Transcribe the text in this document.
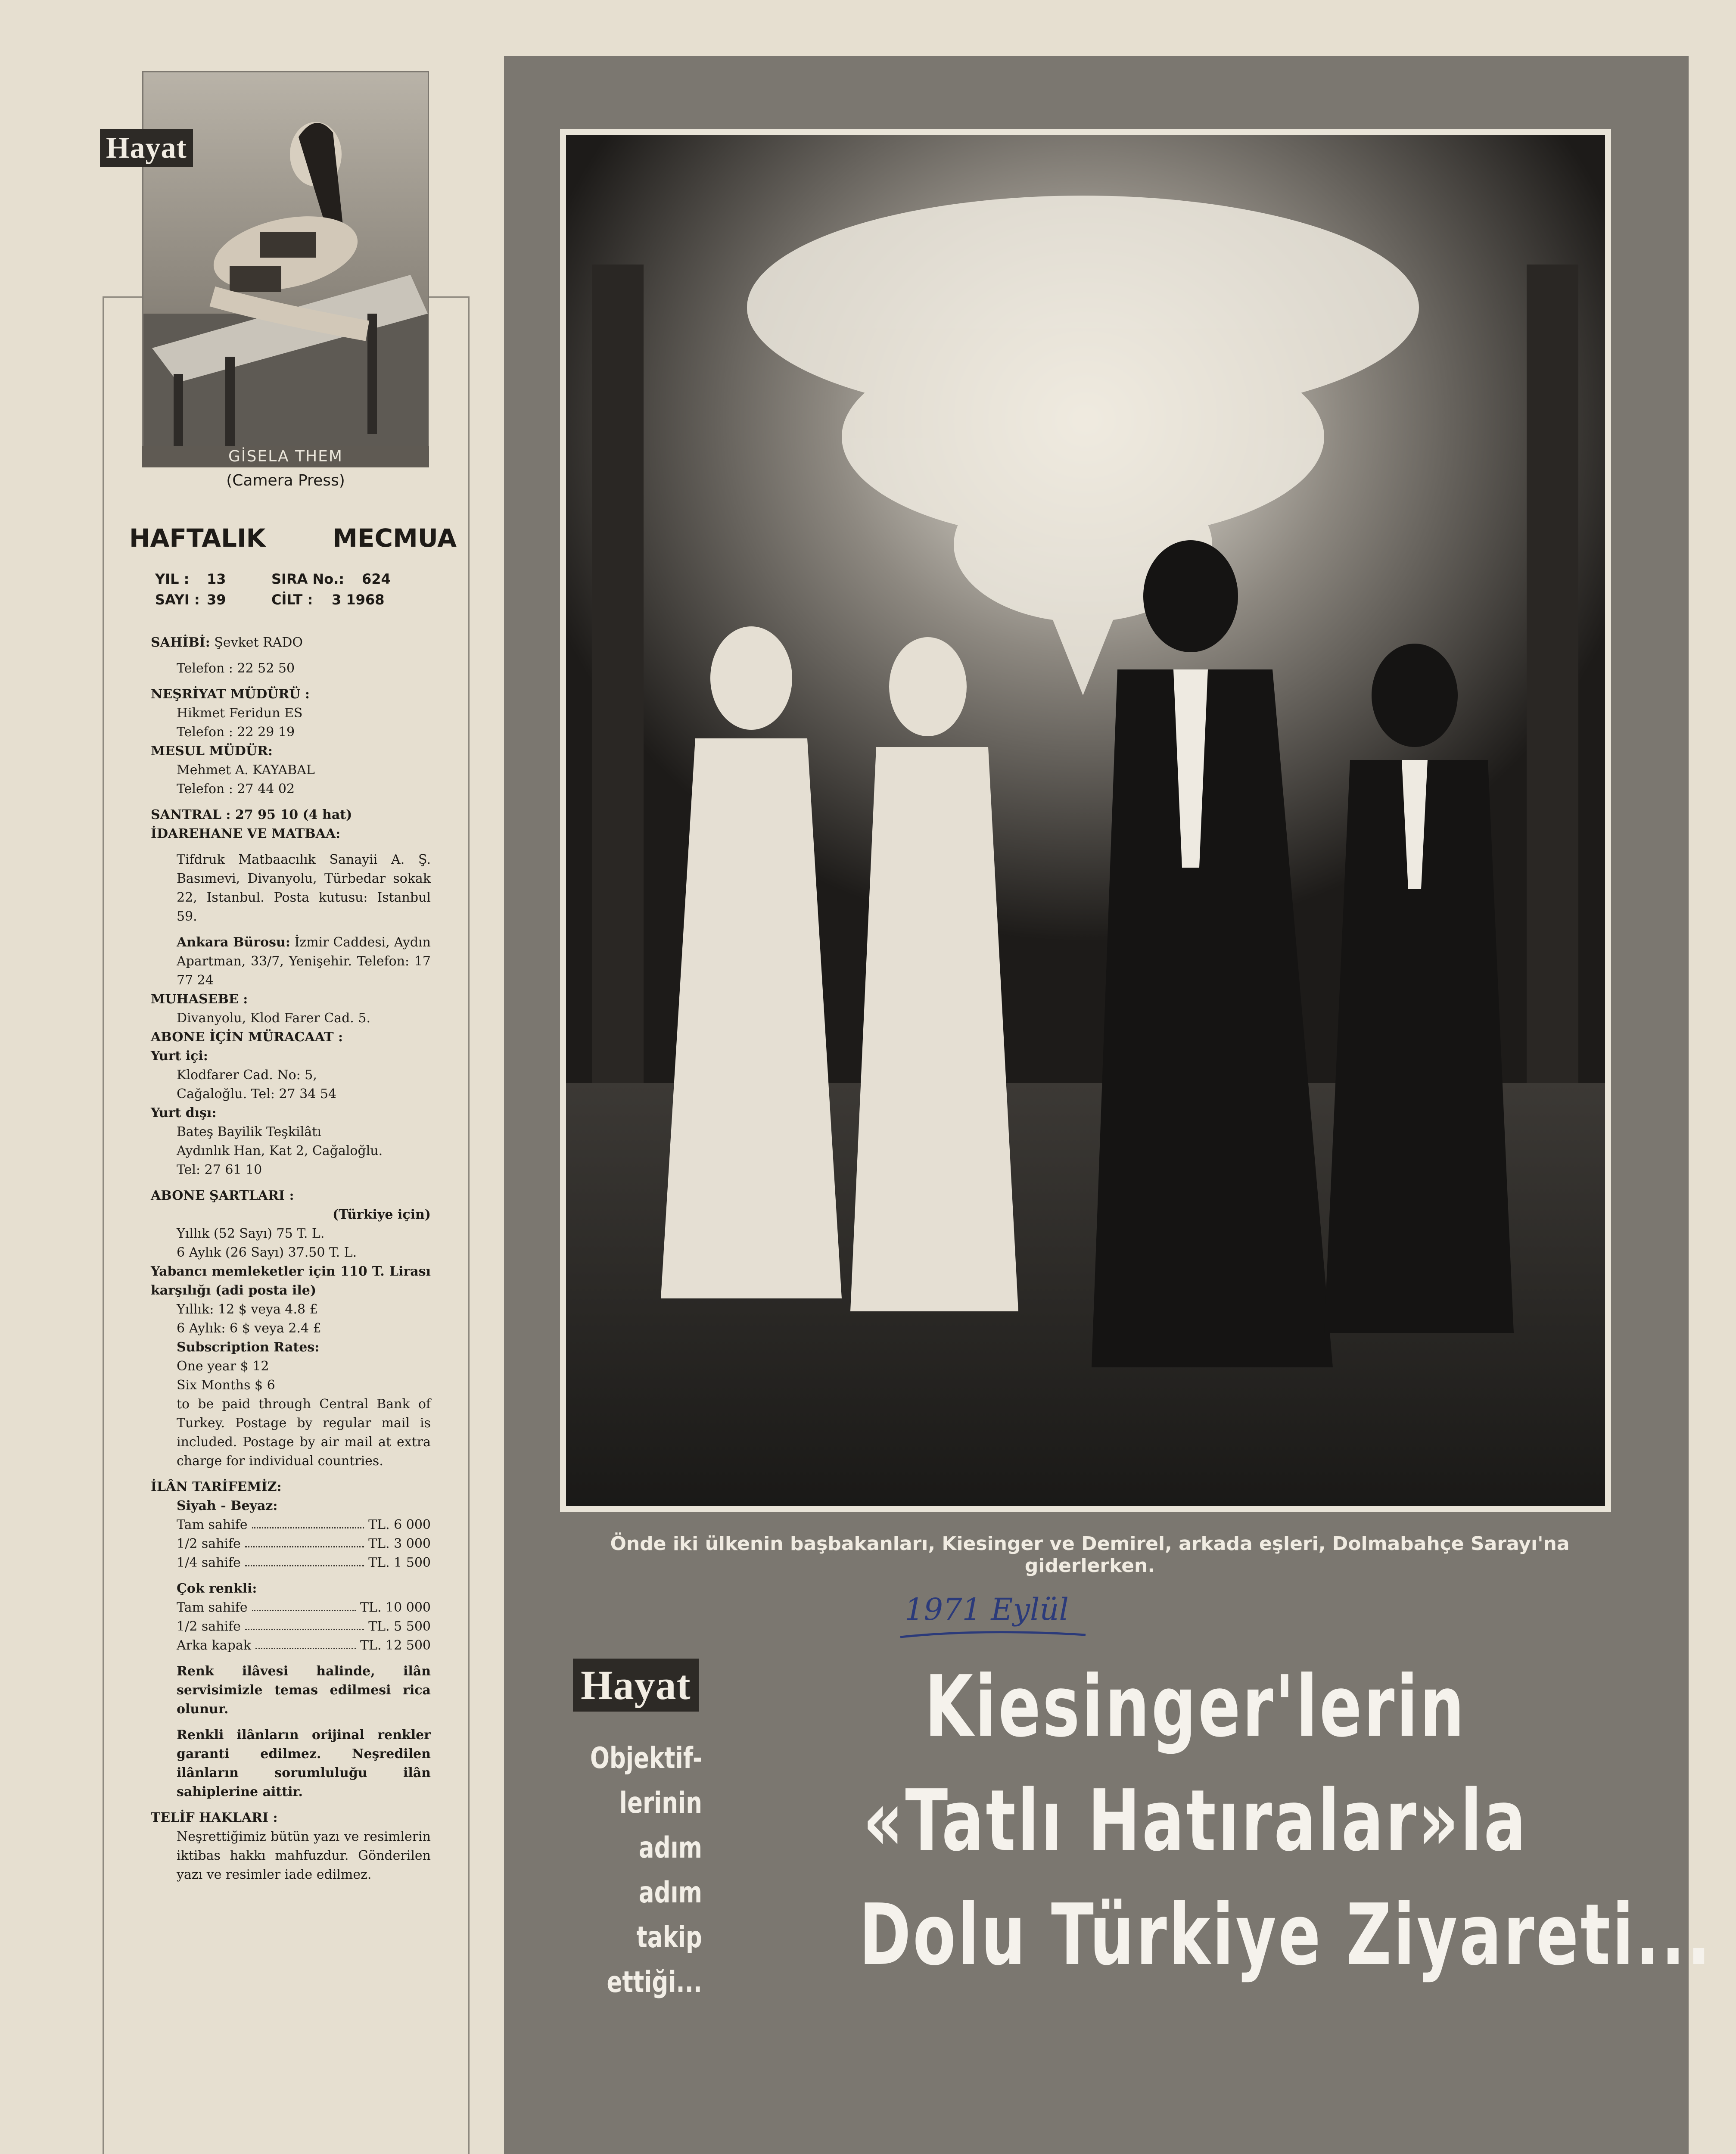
Hayat
GİSELA THEM
(Camera Press)
HAFTALIK	MECMUA
YIL :	13	SIRA No.:	624
SAYI : 39	CİLT :	3 1968
SAHİBİ: Şevket RADO
Telefon : 22 52 50
NEŞRİYAT MÜDÜRÜ :
Hikmet Feridun ES
Telefon : 22 29 19
MESUL MÜDÜR:
Mehmet A. KAYABAL
Telefon : 27 44 02
SANTRAL : 27 95 10 (4 hat)
İDAREHANE VE MATBAA:
Tifdruk Matbaacılık Sanayii A. Ş. Basımevi, Divanyolu, Türbedar sokak 22, Istanbul. Posta kutusu: Istanbul 59.
Ankara Bürosu: İzmir Caddesi, Aydın Apartman, 33/7, Yenişehir. Telefon: 17 77 24
MUHASEBE :
Divanyolu, Klod Farer Cad. 5.
ABONE İÇİN MÜRACAAT :
Yurt içi:
Klodfarer Cad. No: 5,
Cağaloğlu. Tel: 27 34 54
Yurt dışı:
Bateş Bayilik Teşkilâtı
Aydınlık Han, Kat 2, Cağaloğlu.
Tel: 27 61 10
ABONE ŞARTLARI :
(Türkiye için)
Yıllık (52 Sayı) 75 T. L.
6 Aylık (26 Sayı) 37.50 T. L.
Yabancı memleketler için 110 T. Lirası karşılığı (adi posta ile)
Yıllık: 12 $ veya 4.8 £
6 Aylık: 6 $ veya 2.4 £
Subscription Rates:
One year $ 12
Six Months $ 6
to be paid through Central Bank of Turkey. Postage by regular mail is included. Postage by air mail at extra charge for individual countries.
İLÂN TARİFEMİZ:
Siyah - Beyaz:
Tam sahife	TL. 6 000
1/2 sahife	TL. 3 000
1/4 sahife	TL. 1 500
Çok renkli:
Tam sahife	TL. 10 000
1/2 sahife	TL. 5 500
Arka kapak	TL. 12 500
Renk ilâvesi halinde, ilân servisimizle temas edilmesi rica olunur.
Renkli ilânların orijinal renkler garanti edilmez. Neşredilen ilânların sorumluluğu ilân sahiplerine aittir.
TELİF HAKLARI :
Neşrettiğimiz bütün yazı ve resimlerin iktibas hakkı mahfuzdur. Gönderilen yazı ve resimler iade edilmez.
Önde iki ülkenin başbakanları, Kiesinger ve Demirel, arkada eşleri, Dolmabahçe Sarayı'na giderlerken.
1971 Eylül
Hayat
Objektif-
lerinin
adım
adım
takip
ettiği...
Kiesinger'lerin
«Tatlı Hatıralar»la
Dolu Türkiye Ziyareti...
